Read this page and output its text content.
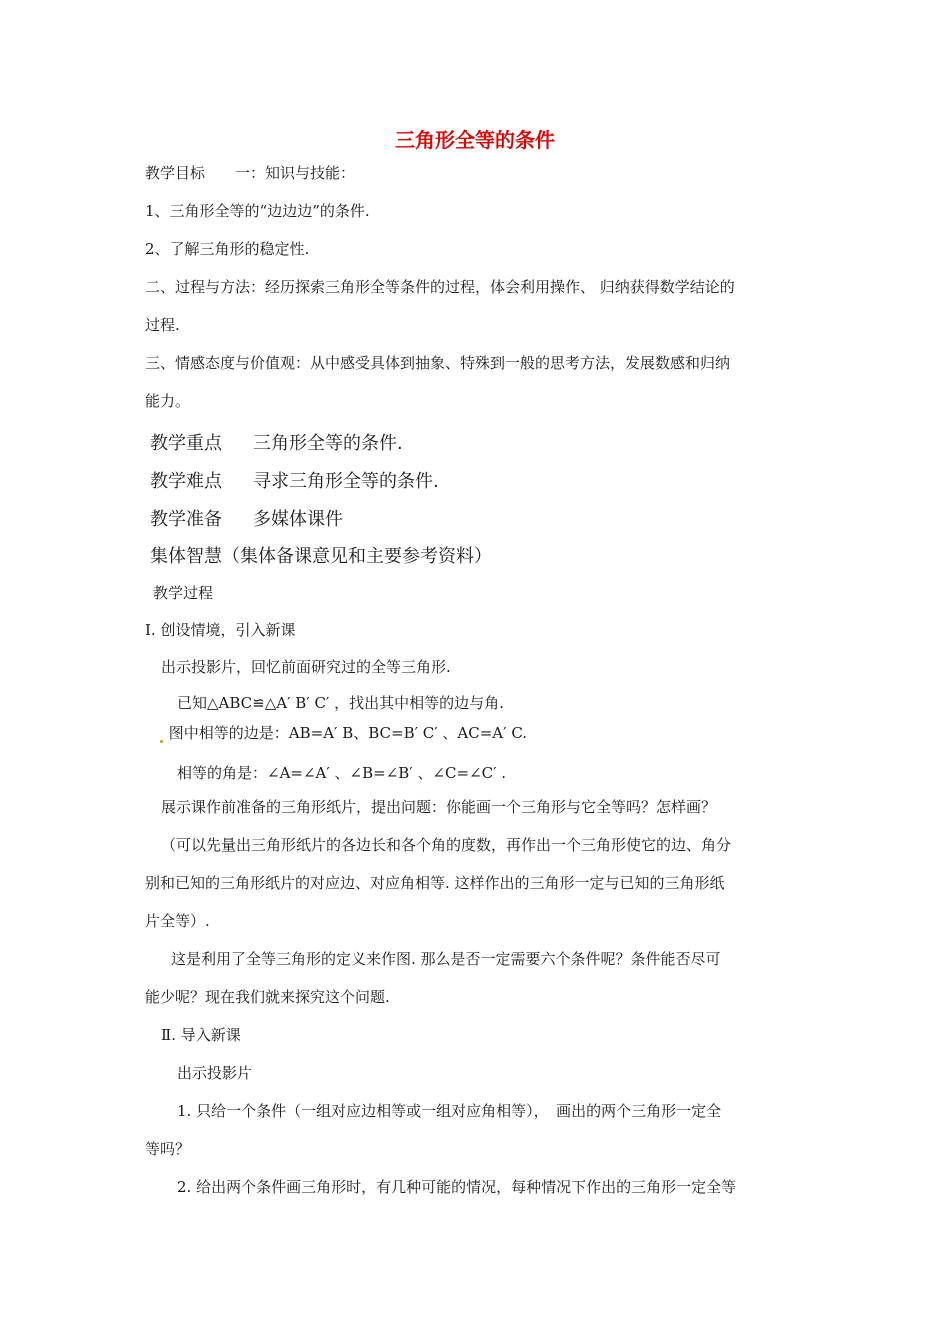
三角形全等的条件
教学目标　　一：知识与技能：
1、三角形全等的“边边边”的条件.
2、了解三角形的稳定性.
二、过程与方法：经历探索三角形全等条件的过程，体会利用操作、 归纳获得数学结论的
过程.
三、情感态度与价值观：从中感受具体到抽象、特殊到一般的思考方法，发展数感和归纳
能力。
教学重点 三角形全等的条件.
教学难点 寻求三角形全等的条件.
教学准备 多媒体课件
集体智慧（集体备课意见和主要参考资料）
教学过程
Ⅰ. 创设情境，引入新课
出示投影片，回忆前面研究过的全等三角形.
已知△ABC≌△A′ B′ C′ ，找出其中相等的边与角.
图中相等的边是：AB=A′ B、BC=B′ C′ 、AC=A′ C.
相等的角是：∠A=∠A′ 、∠B=∠B′ 、∠C=∠C′ .
展示课作前准备的三角形纸片，提出问题：你能画一个三角形与它全等吗？怎样画？
（可以先量出三角形纸片的各边长和各个角的度数，再作出一个三角形使它的边、角分
别和已知的三角形纸片的对应边、对应角相等. 这样作出的三角形一定与已知的三角形纸
片全等）.
这是利用了全等三角形的定义来作图. 那么是否一定需要六个条件呢？条件能否尽可
能少呢？现在我们就来探究这个问题.
Ⅱ. 导入新课
出示投影片
1. 只给一个条件（一组对应边相等或一组对应角相等），　画出的两个三角形一定全
等吗？
2. 给出两个条件画三角形时，有几种可能的情况，每种情况下作出的三角形一定全等
